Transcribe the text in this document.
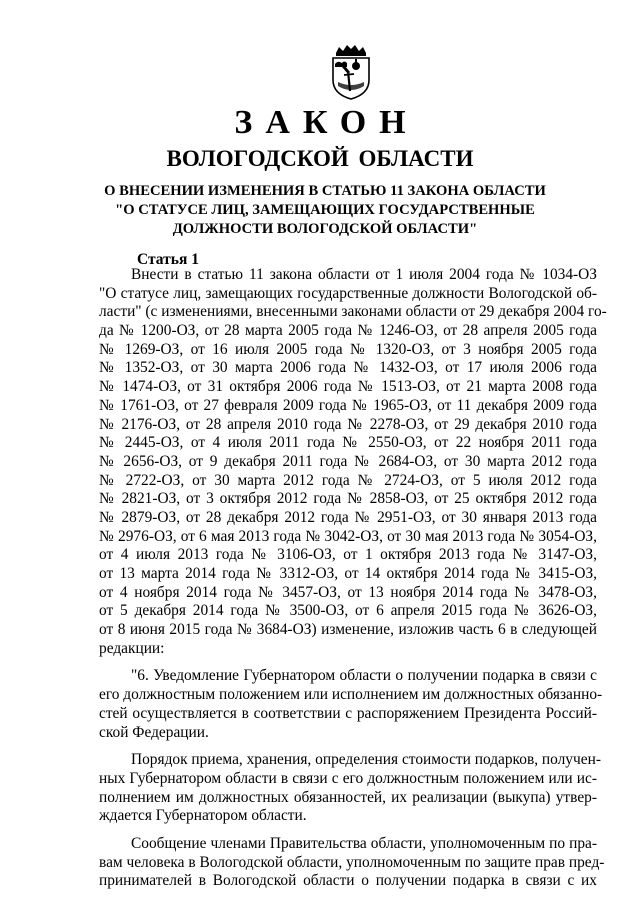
ЗАКОН
ВОЛОГОДСКОЙ ОБЛАСТИ
О ВНЕСЕНИИ ИЗМЕНЕНИЯ В СТАТЬЮ 11 ЗАКОНА ОБЛАСТИ
"О СТАТУСЕ ЛИЦ, ЗАМЕЩАЮЩИХ ГОСУДАРСТВЕННЫЕ
ДОЛЖНОСТИ ВОЛОГОДСКОЙ ОБЛАСТИ"
Статья 1
Внести в статью 11 закона области от 1 июля 2004 года № 1034-ОЗ
"О статусе лиц, замещающих государственные должности Вологодской об-
ласти" (с изменениями, внесенными законами области от 29 декабря 2004 го-
да № 1200-ОЗ, от 28 марта 2005 года № 1246-ОЗ, от 28 апреля 2005 года
№ 1269-ОЗ, от 16 июля 2005 года № 1320-ОЗ, от 3 ноября 2005 года
№ 1352-ОЗ, от 30 марта 2006 года № 1432-ОЗ, от 17 июля 2006 года
№ 1474-ОЗ, от 31 октября 2006 года № 1513-ОЗ, от 21 марта 2008 года
№ 1761-ОЗ, от 27 февраля 2009 года № 1965-ОЗ, от 11 декабря 2009 года
№ 2176-ОЗ, от 28 апреля 2010 года № 2278-ОЗ, от 29 декабря 2010 года
№ 2445-ОЗ, от 4 июля 2011 года № 2550-ОЗ, от 22 ноября 2011 года
№ 2656-ОЗ, от 9 декабря 2011 года № 2684-ОЗ, от 30 марта 2012 года
№ 2722-ОЗ, от 30 марта 2012 года № 2724-ОЗ, от 5 июля 2012 года
№ 2821-ОЗ, от 3 октября 2012 года № 2858-ОЗ, от 25 октября 2012 года
№ 2879-ОЗ, от 28 декабря 2012 года № 2951-ОЗ, от 30 января 2013 года
№ 2976-ОЗ, от 6 мая 2013 года № 3042-ОЗ, от 30 мая 2013 года № 3054-ОЗ,
от 4 июля 2013 года № 3106-ОЗ, от 1 октября 2013 года № 3147-ОЗ,
от 13 марта 2014 года № 3312-ОЗ, от 14 октября 2014 года № 3415-ОЗ,
от 4 ноября 2014 года № 3457-ОЗ, от 13 ноября 2014 года № 3478-ОЗ,
от 5 декабря 2014 года № 3500-ОЗ, от 6 апреля 2015 года № 3626-ОЗ,
от 8 июня 2015 года № 3684-ОЗ) изменение, изложив часть 6 в следующей
редакции:
"6. Уведомление Губернатором области о получении подарка в связи с
его должностным положением или исполнением им должностных обязанно-
стей осуществляется в соответствии с распоряжением Президента Россий-
ской Федерации.
Порядок приема, хранения, определения стоимости подарков, получен-
ных Губернатором области в связи с его должностным положением или ис-
полнением им должностных обязанностей, их реализации (выкупа) утвер-
ждается Губернатором области.
Сообщение членами Правительства области, уполномоченным по пра-
вам человека в Вологодской области, уполномоченным по защите прав пред-
принимателей в Вологодской области о получении подарка в связи с их
